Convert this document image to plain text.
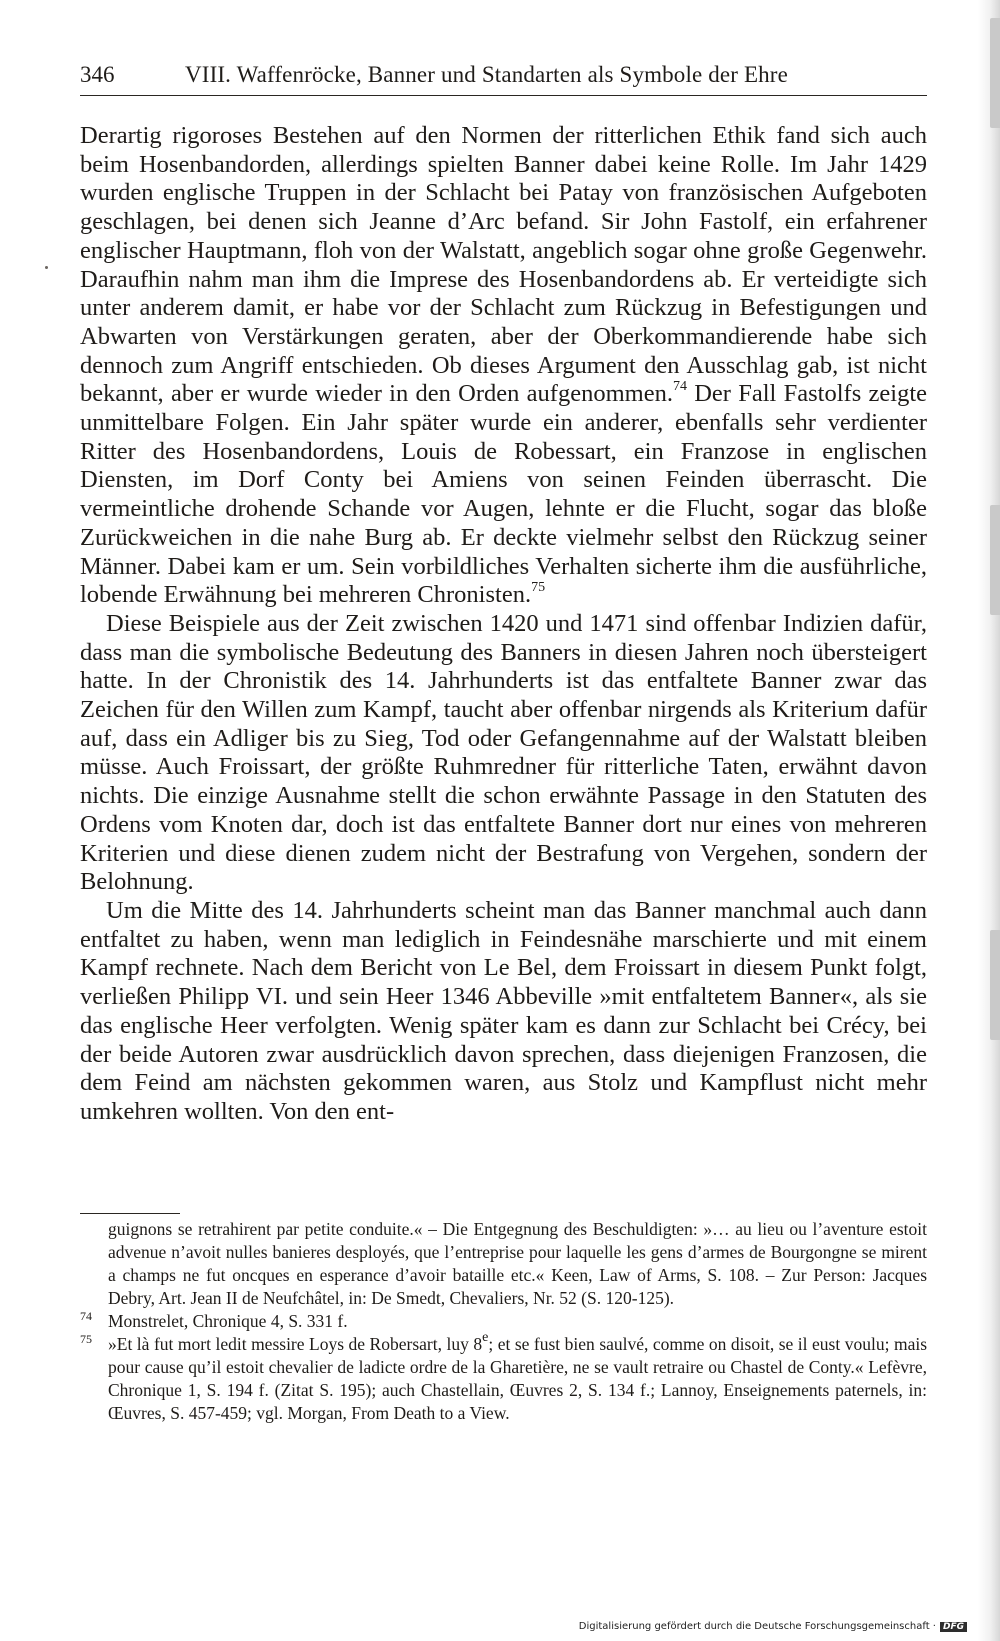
346	VIII. Waffenröcke, Banner und Standarten als Symbole der Ehre

Derartig rigoroses Bestehen auf den Normen der ritterlichen Ethik fand sich auch beim Hosenbandorden, allerdings spielten Banner dabei keine Rolle. Im Jahr 1429 wurden englische Truppen in der Schlacht bei Patay von französischen Aufgeboten geschlagen, bei denen sich Jeanne d’Arc befand. Sir John Fastolf, ein erfahrener englischer Hauptmann, floh von der Walstatt, angeblich sogar ohne große Gegenwehr. Daraufhin nahm man ihm die Imprese des Hosenbandordens ab. Er verteidigte sich unter anderem damit, er habe vor der Schlacht zum Rückzug in Befestigungen und Abwarten von Verstärkungen geraten, aber der Oberkommandierende habe sich dennoch zum Angriff entschieden. Ob dieses Argument den Ausschlag gab, ist nicht bekannt, aber er wurde wieder in den Orden aufgenommen.$^{74}$ Der Fall Fastolfs zeigte unmittelbare Folgen. Ein Jahr später wurde ein anderer, ebenfalls sehr verdienter Ritter des Hosenbandordens, Louis de Robessart, ein Franzose in englischen Diensten, im Dorf Conty bei Amiens von seinen Feinden überrascht. Die vermeintliche drohende Schande vor Augen, lehnte er die Flucht, sogar das bloße Zurückweichen in die nahe Burg ab. Er deckte vielmehr selbst den Rückzug seiner Männer. Dabei kam er um. Sein vorbildliches Verhalten sicherte ihm die ausführliche, lobende Erwähnung bei mehreren Chronisten.$^{75}$

Diese Beispiele aus der Zeit zwischen 1420 und 1471 sind offenbar Indizien dafür, dass man die symbolische Bedeutung des Banners in diesen Jahren noch übersteigert hatte. In der Chronistik des 14. Jahrhunderts ist das entfaltete Banner zwar das Zeichen für den Willen zum Kampf, taucht aber offenbar nirgends als Kriterium dafür auf, dass ein Adliger bis zu Sieg, Tod oder Gefangennahme auf der Walstatt bleiben müsse. Auch Froissart, der größte Ruhmredner für ritterliche Taten, erwähnt davon nichts. Die einzige Ausnahme stellt die schon erwähnte Passage in den Statuten des Ordens vom Knoten dar, doch ist das entfaltete Banner dort nur eines von mehreren Kriterien und diese dienen zudem nicht der Bestrafung von Vergehen, sondern der Belohnung.

Um die Mitte des 14. Jahrhunderts scheint man das Banner manchmal auch dann entfaltet zu haben, wenn man lediglich in Feindesnähe marschierte und mit einem Kampf rechnete. Nach dem Bericht von Le Bel, dem Froissart in diesem Punkt folgt, verließen Philipp VI. und sein Heer 1346 Abbeville »mit entfaltetem Banner«, als sie das englische Heer verfolgten. Wenig später kam es dann zur Schlacht bei Crécy, bei der beide Autoren zwar ausdrücklich davon sprechen, dass diejenigen Franzosen, die dem Feind am nächsten gekommen waren, aus Stolz und Kampflust nicht mehr umkehren wollten. Von den ent-

guignons se retrahirent par petite conduite.« – Die Entgegnung des Beschuldigten: »… au lieu ou l’aventure estoit advenue n’avoit nulles banieres desployés, que l’entreprise pour laquelle les gens d’armes de Bourgongne se mirent a champs ne fut oncques en esperance d’avoir bataille etc.« Keen, Law of Arms, S. 108. – Zur Person: Jacques Debry, Art. Jean II de Neufchâtel, in: De Smedt, Chevaliers, Nr. 52 (S. 120-125).

74 Monstrelet, Chronique 4, S. 331 f.

75 »Et là fut mort ledit messire Loys de Robersart, luy 8e; et se fust bien saulvé, comme on disoit, se il eust voulu; mais pour cause qu’il estoit chevalier de ladicte ordre de la Gharetière, ne se vault retraire ou Chastel de Conty.« Lefèvre, Chronique 1, S. 194 f. (Zitat S. 195); auch Chastellain, Œuvres 2, S. 134 f.; Lannoy, Enseignements paternels, in: Œuvres, S. 457-459; vgl. Morgan, From Death to a View.

Digitalisierung gefördert durch die Deutsche Forschungsgemeinschaft · DFG
